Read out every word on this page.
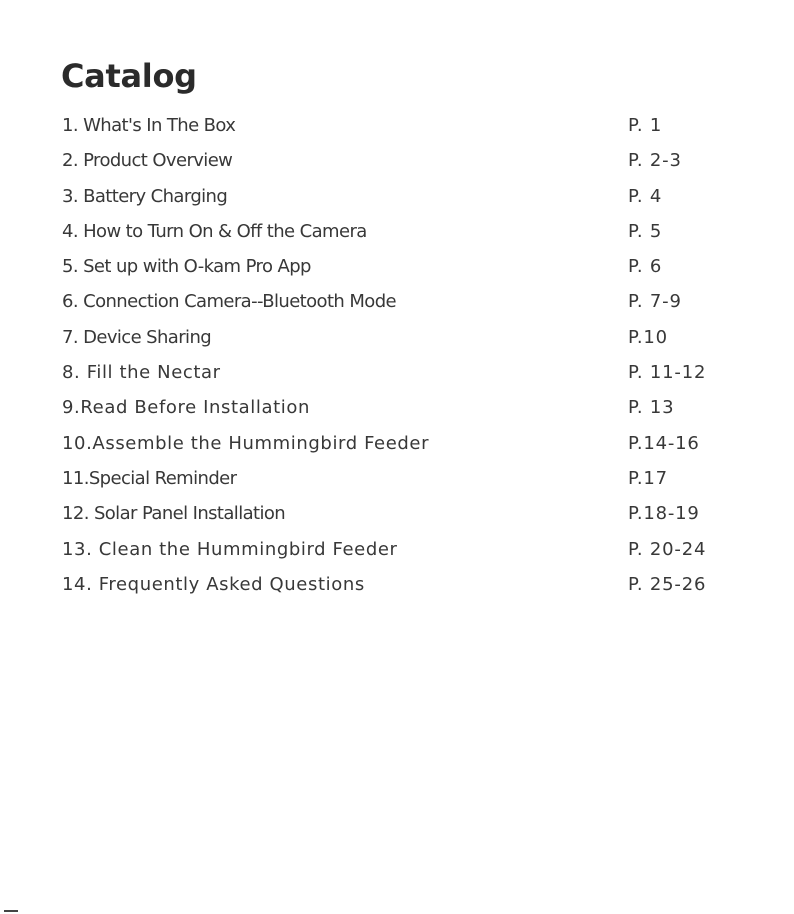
Catalog
1. What's In The Box	P. 1
2. Product Overview	P. 2-3
3. Battery Charging	P. 4
4. How to Turn On & Off the Camera	P. 5
5. Set up with O-kam Pro App	P. 6
6. Connection Camera--Bluetooth Mode	P. 7-9
7. Device Sharing	P.10
8. Fill the Nectar	P. 11-12
9.Read Before Installation	P. 13
10.Assemble the Hummingbird Feeder	P.14-16
11.Special Reminder	P.17
12. Solar Panel Installation	P.18-19
13. Clean the Hummingbird Feeder	P. 20-24
14. Frequently Asked Questions	P. 25-26
